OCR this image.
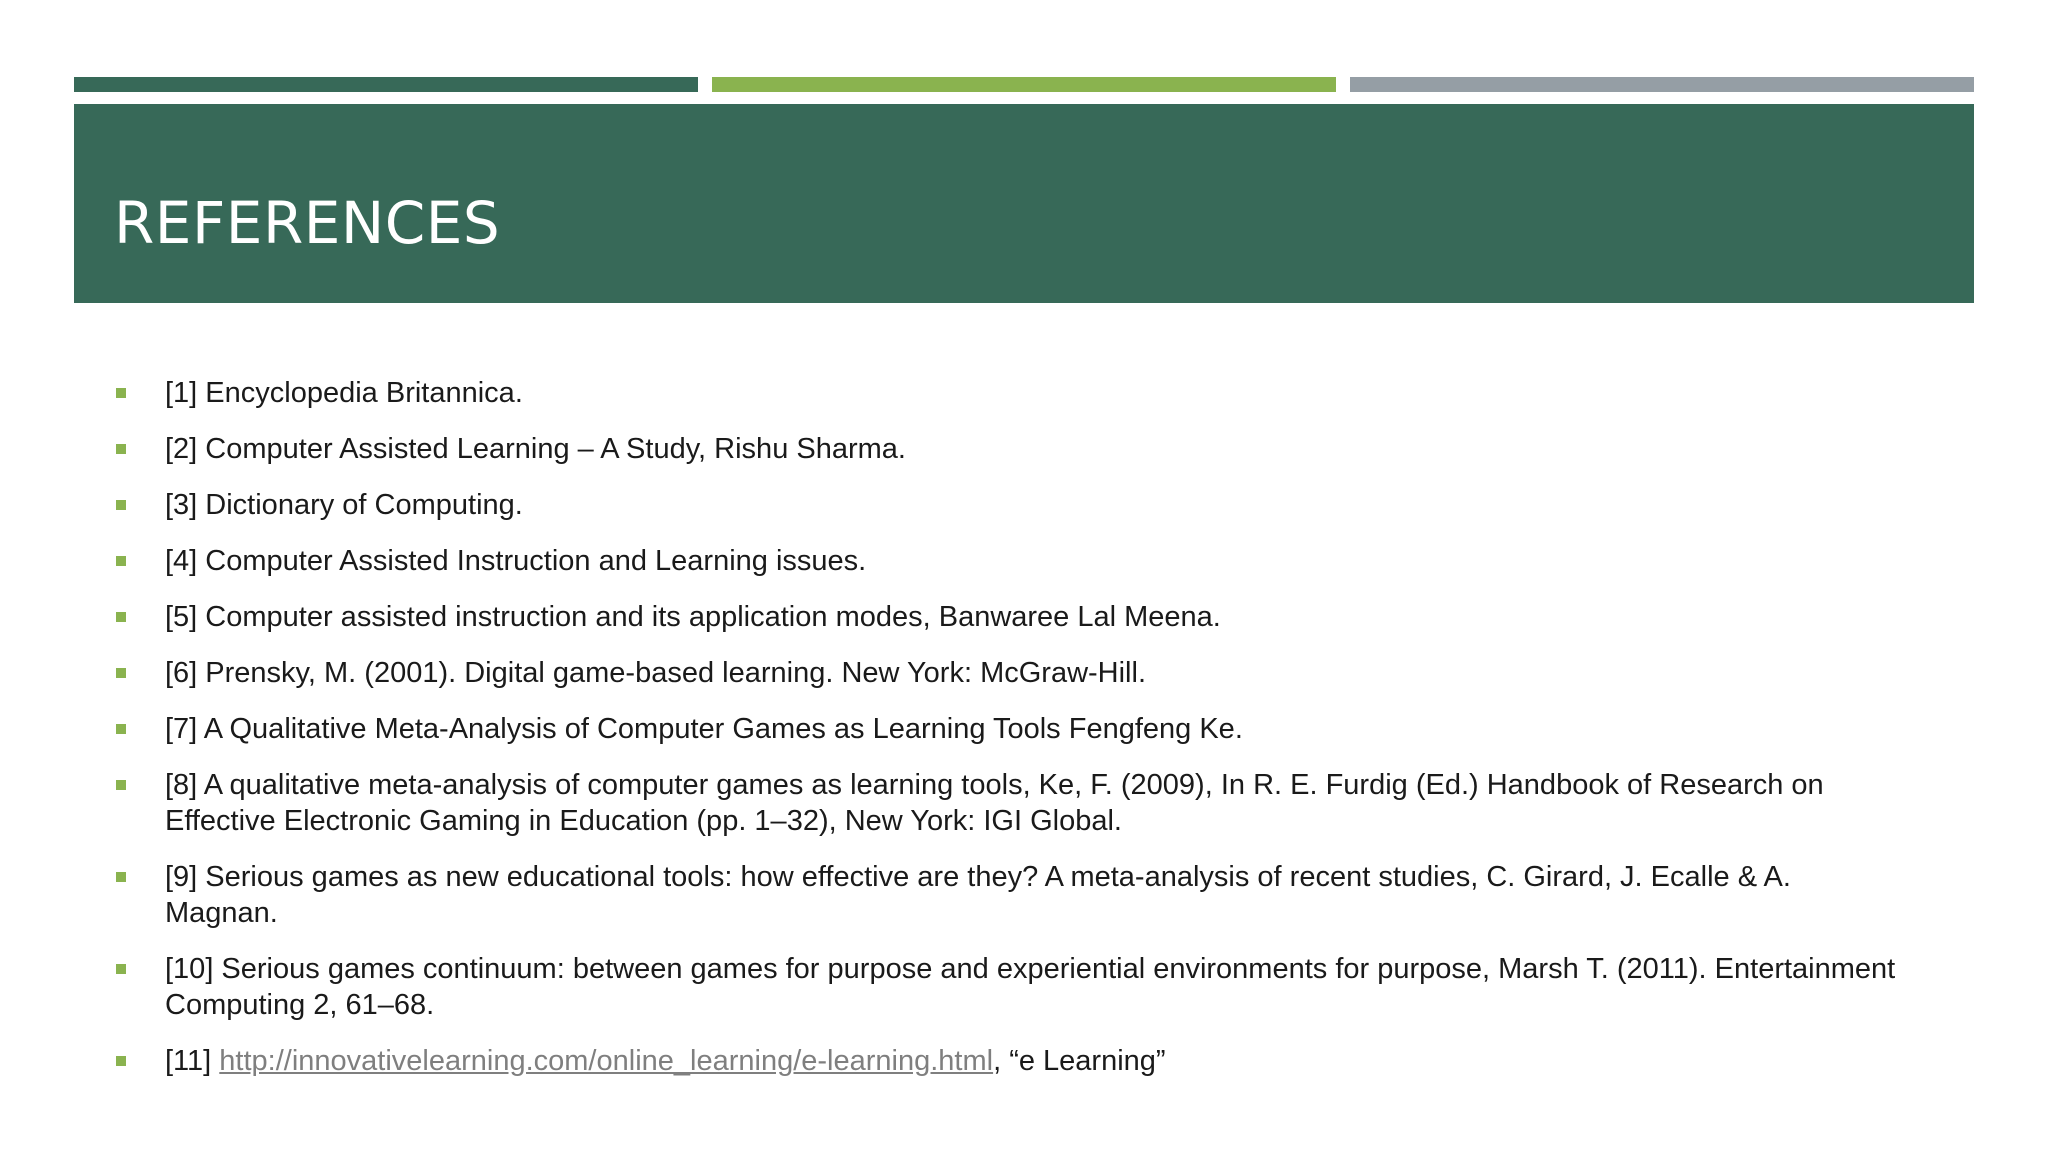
REFERENCES
[1] Encyclopedia Britannica.
[2] Computer Assisted Learning – A Study, Rishu Sharma.
[3] Dictionary of Computing.
[4] Computer Assisted Instruction and Learning issues.
[5] Computer assisted instruction and its application modes, Banwaree Lal Meena.
[6] Prensky, M. (2001). Digital game-based learning. New York: McGraw-Hill.
[7] A Qualitative Meta-Analysis of Computer Games as Learning Tools Fengfeng Ke.
[8] A qualitative meta-analysis of computer games as learning tools, Ke, F. (2009), In R. E. Furdig (Ed.) Handbook of Research on Effective Electronic Gaming in Education (pp. 1–32), New York: IGI Global.
[9] Serious games as new educational tools: how effective are they? A meta-analysis of recent studies, C. Girard, J. Ecalle & A. Magnan.
[10] Serious games continuum: between games for purpose and experiential environments for purpose, Marsh T. (2011). Entertainment Computing 2, 61–68.
[11] http://innovativelearning.com/online_learning/e-learning.html, “e Learning”
